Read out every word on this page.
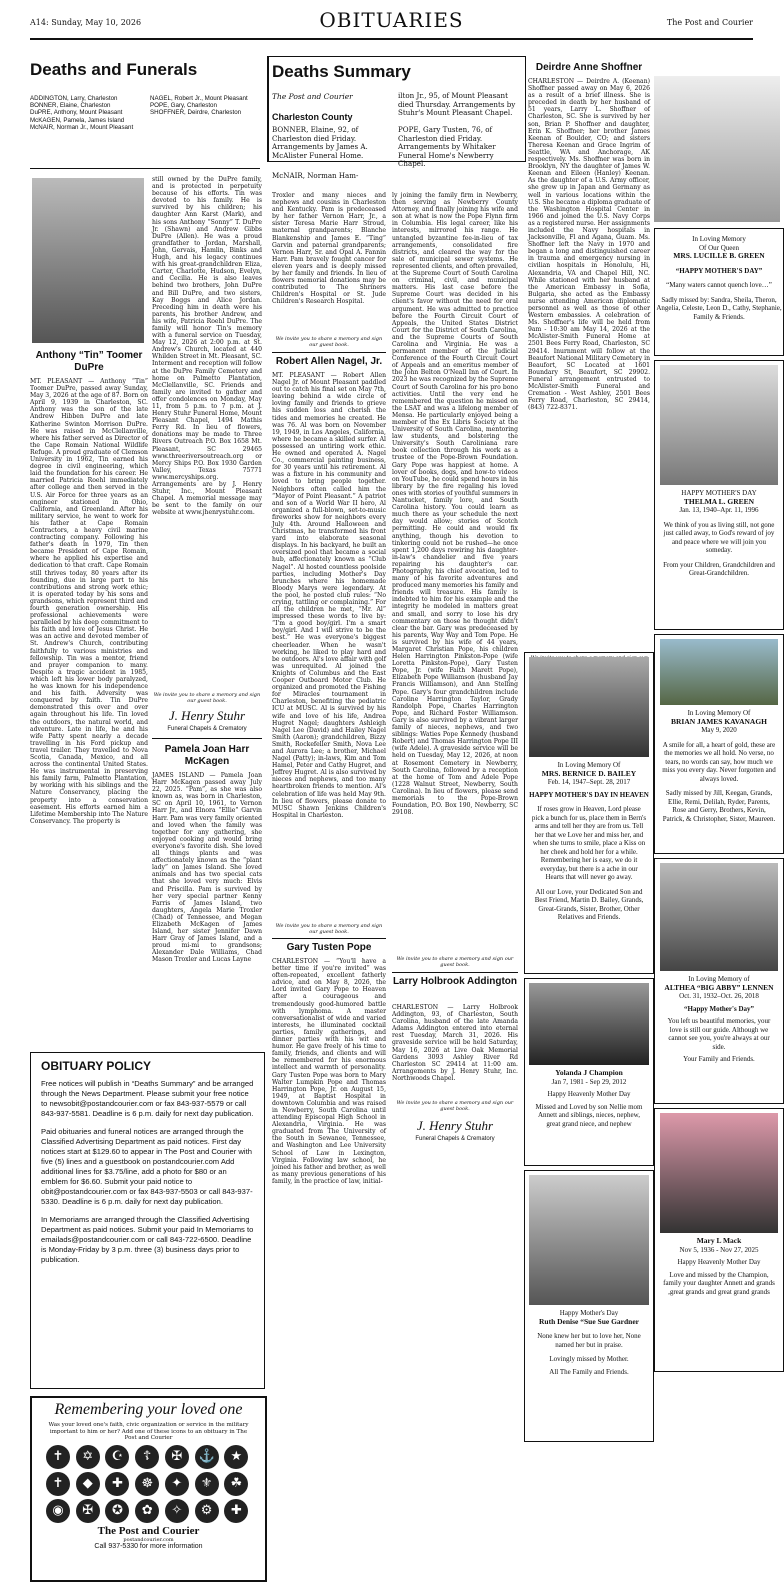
A14: Sunday, May 10, 2026	OBITUARIES	The Post and Courier
Deaths and Funerals
ADDINGTON, Larry, Charleston
BONNER, Elaine, Charleston
DuPRE, Anthony, Mount Pleasant
McKAGEN, Pamela, James Island
McNAIR, Norman Jr., Mount Pleasant
NAGEL, Robert Jr., Mount Pleasant
POPE, Gary, Charleston
SHOFFNER, Deirdre, Charleston
Anthony “Tin” Toomer DuPre
MT. PLEASANT — Anthony “Tin” Toomer DuPre, passed away Sunday, May 3, 2026 at the age of 87. Born on April 9, 1939 in Charleston, SC. Anthony was the son of the late Andrew Hibben DuPre and late Katherine Swinton Morrison DuPre. He was raised in McClellanville, where his father served as Director of the Cape Romain National Wildlife Refuge. A proud graduate of Clemson University in 1962, Tin earned his degree in civil engineering, which laid the foundation for his career. He married Patricia Roehl immediately after college and then served in the U.S. Air Force for three years as an engineer stationed in Ohio, California, and Greenland. After his military service, he went to work for his father at Cape Romain Contractors, a heavy civil marine contracting company. Following his father's death in 1979, Tin then became President of Cape Romain, where he applied his expertise and dedication to that craft. Cape Romain still thrives today, 80 years after its founding, due in large part to his contributions and strong work ethic; it is operated today by his sons and grandsons, which represent third and fourth generation ownership. His professional achievements were paralleled by his deep commitment to his faith and love of Jesus Christ. He was an active and devoted member of St. Andrew's Church, contributing faithfully to various ministries and fellowship. Tin was a mentor, friend and prayer companion to many. Despite a tragic accident in 1985, which left his lower body paralyzed, he was known for his independence and his faith. Adversity was conquered by faith. Tin DuPre demonstrated this over and over again throughout his life. Tin loved the outdoors, the natural world, and adventure. Late in life, he and his wife Patty spent nearly a decade travelling in his Ford pickup and travel trailer. They travelled to Nova Scotia, Canada, Mexico, and all across the continental United States. He was instrumental in preserving his family farm, Palmetto Plantation, by working with his siblings and the Nature Conservancy, placing the property into a conservation easement. His efforts earned him a Lifetime Membership into The Nature Conservancy. The property is
still owned by the DuPre family, and is protected in perpetuity because of his efforts. Tin was devoted to his family. He is survived by his children; his daughter Ann Karst (Mark), and his sons Anthony “Sonny” T. DuPre Jr. (Shawn) and Andrew Gibbs DuPre (Allen). He was a proud grandfather to Jordan, Marshall, John, Gervais, Hamlin, Binks and Hugh, and his legacy continues with his great-grandchildren Eliza, Carter, Charlotte, Hudson, Evelyn, and Cecilia. He is also leaves behind two brothers, John DuPre and Bill DuPre, and two sisters, Kay Boggs and Alice Jordan. Preceding him in death were his parents, his brother Andrew, and his wife, Patricia Roehl DuPre. The family will honor Tin's memory with a funeral service on Tuesday, May 12, 2026 at 2:00 p.m. at St. Andrew's Church, located at 440 Whilden Street in Mt. Pleasant, SC. Interment and reception will follow at the DuPre Family Cemetery and home on Palmetto Plantation, McClellanville, SC. Friends and family are invited to gather and offer condolences on Monday, May 11, from 5 p.m. to 7 p.m. at J. Henry Stuhr Funeral Home, Mount Pleasant Chapel, 1494 Mathis Ferry Rd. In lieu of flowers, donations may be made to Three Rivers Outreach P.O. Box 1658 Mt. Pleasant, SC 29465 www.threeriversoutreach.org or Mercy Ships P.O. Box 1930 Garden Valley, Texas 75771 www.mercyships.org. Arrangements are by J. Henry Stuhr, Inc., Mount Pleasant Chapel. A memorial message may be sent to the family on our website at www.jhenrystuhr.com.
We invite you to share a memory and sign our guest book.
J. Henry Stuhr
Funeral Chapels & Crematory
Pamela Joan Harr McKagen
JAMES ISLAND — Pamela Joan Harr McKagen passed away July 22, 2025. “Pam”, as she was also known as, was born in Charleston, SC on April 10, 1961, to Vernon Harr Jr., and Elnora “Ellie” Garvin Harr. Pam was very family oriented and loved when the family was together for any gathering, she enjoyed cooking and would bring everyone's favorite dish. She loved all things plants and was affectionately known as the “plant lady” on James Island. She loved animals and has two special cats that she loved very much: Elvis and Priscilla. Pam is survived by her very special partner Kenny Farris of James Island, two daughters, Angela Marie Troxler (Chad) of Tennessee, and Megan Elizabeth McKagen of James Island, her sister Jennifer Dawn Harr Gray of James Island, and a proud mi-mi to grandsons; Alexander Dale Williams, Chad Mason Troxler and Lucas Layne
OBITUARY POLICY
Free notices will publish in “Deaths Summary” and be arranged through the News Department. Please submit your free notice to newsobit@postandcourier.com or fax 843-937-5579 or call 843-937-5581. Deadline is 6 p.m. daily for next day publication.
Paid obituaries and funeral notices are arranged through the Classified Advertising Department as paid notices. First day notices start at $129.60 to appear in The Post and Courier with five (5) lines and a guestbook on postandcourier.com Add additional lines for $3.75/line, add a photo for $80 or an emblem for $6.60. Submit your paid notice to obit@postandcourier.com or fax 843-937-5503 or call 843-937-5330. Deadline is 6 p.m. daily for next day publication.
In Memoriams are arranged through the Classified Advertising Department as paid notices. Submit your paid In Memoriams to emailads@postandcourier.com or call 843-722-6500. Deadline is Monday-Friday by 3 p.m. three (3) business days prior to publication.
Remembering your loved one
Was your loved one's faith, civic organization or service in the military important to him or her? Add one of these icons to an obituary in The Post and Courier
✝	✡	☪	☦	✠	⚓	★
✝	◆	✚	☸	✦	⚜	☘
◉	✠	✪	✿	✧	⚙	✚
The Post and Courier
postandcourier.com
Call 937-5330 for more information
Deaths Summary
The Post and Courier
Charleston County
BONNER, Elaine, 92, of Charleston died Friday. Arrangements by James A. McAlister Funeral Home.
McNAIR, Norman Ham-
ilton Jr., 95, of Mount Pleasant died Thursday. Arrangements by Stuhr's Mount Pleasant Chapel.
POPE, Gary Tusten, 76, of Charleston died Friday. Arrangements by Whitaker Funeral Home's Newberry Chapel.
Troxler and many nieces and nephews and cousins in Charleston and Kentucky. Pam is predeceased by her father Vernon Harr, Jr., a sister Teresa Marie Harr Stroud, maternal grandparents; Blanche Blankenship and James E. “Ting” Garvin and paternal grandparents; Vernon Harr, Sr. and Opal A. Fannin Harr. Pam bravely fought cancer for eleven years and is deeply missed by her family and friends. In lieu of flowers memorial donations may be contributed to The Shriners Children's Hospital or St. Jude Children's Research Hospital.
We invite you to share a memory and sign our guest book.
Robert Allen Nagel, Jr.
MT. PLEASANT — Robert Allen Nagel Jr. of Mount Pleasant paddled out to catch his final set on May 7th, leaving behind a wide circle of loving family and friends to grieve his sudden loss and cherish the tides and memories he created. He was 76. Al was born on November 19, 1949, in Los Angeles, California, where he became a skilled surfer. Al possessed an untiring work ethic. He owned and operated A. Nagel Co., commercial painting business, for 30 years until his retirement. Al was a fixture in his community and loved to bring people together. Neighbors often called him the “Mayor of Point Pleasant.” A patriot and son of a World War II hero, Al organized a full-blown, set-to-music fireworks show for neighbors every July 4th. Around Halloween and Christmas, he transformed his front yard into elaborate seasonal displays. In his backyard, he built an oversized pool that became a social hub, affectionately known as “Club Nagel”. Al hosted countless poolside parties, including Mother's Day brunches where his homemade Bloody Marys were legendary. At the pool, he posted club rules: “No crying, tattling or complaining.” For all the children he met, “Mr. Al” impressed these words to live by: “I'm a good boy/girl. I'm a smart boy/girl. And I will strive to be the best.” He was everyone's biggest cheerleader. When he wasn't working, he liked to play hard and be outdoors. Al's love affair with golf was unrequited. Al joined the Knights of Columbus and the East Cooper Outboard Motor Club. He organized and promoted the Fishing for Miracles tournament in Charleston, benefiting the pediatric ICU at MUSC. Al is survived by his wife and love of his life, Andrea Hugret Nagel; daughters Ashleigh Nagel Lee (David) and Hailey Nagel Smith (Aaron); grandchildren, Bizzy Smith, Rockefeller Smith, Nova Lee and Aurora Lee; a brother, Michael Nagel (Patty); in-laws, Kim and Tom Hamel, Peter and Cathy Hugret, and Jeffrey Hugret. Al is also survived by nieces and nephews, and too many heartbroken friends to mention. Al's celebration of life was held May 9th. In lieu of flowers, please donate to MUSC Shawn Jenkins Children's Hospital in Charleston.
We invite you to share a memory and sign our guest book.
Gary Tusten Pope
CHARLESTON — “You'll have a better time if you're invited” was often-repeated, excellent fatherly advice, and on May 8, 2026, the Lord invited Gary Pope to Heaven after a courageous and tremendously good-humored battle with lymphoma. A master conversationalist of wide and varied interests, he illuminated cocktail parties, family gatherings, and dinner parties with his wit and humor. He gave freely of his time to family, friends, and clients and will be remembered for his enormous intellect and warmth of personality. Gary Tusten Pope was born to Mary Walter Lumpkin Pope and Thomas Harrington Pope, Jr. on August 15, 1949, at Baptist Hospital in downtown Columbia and was raised in Newberry, South Carolina until attending Episcopal High School in Alexandria, Virginia. He was graduated from The University of the South in Sewanee, Tennessee, and Washington and Lee University School of Law in Lexington, Virginia. Following law school, he joined his father and brother, as well as many previous generations of his family, in the practice of law, initial-
ly joining the family firm in Newberry, then serving as Newberry County Attorney, and finally joining his wife and son at what is now the Pope Flynn firm in Columbia. His legal career, like his interests, mirrored his range. He untangled byzantine fee-in-lieu of tax arrangements, consolidated fire districts, and cleared the way for the sale of municipal sewer systems. He represented clients, and often prevailed, at the Supreme Court of South Carolina on criminal, civil, and municipal matters. His last case before the Supreme Court was decided in his client's favor without the need for oral argument. He was admitted to practice before the Fourth Circuit Court of Appeals, the United States District Court for the District of South Carolina, and the Supreme Courts of South Carolina and Virginia. He was a permanent member of the Judicial Conference of the Fourth Circuit Court of Appeals and an emeritus member of the John Belton O'Neall Inn of Court. In 2023 he was recognized by the Supreme Court of South Carolina for his pro bono activities. Until the very end he remembered the question he missed on the LSAT and was a lifelong member of Mensa. He particularly enjoyed being a member of the Ex Libris Society at the University of South Carolina, mentoring law students, and bolstering the University's South Caroliniana rare book collection through his work as a trustee of the Pope-Brown Foundation. Gary Pope was happiest at home. A lover of books, dogs, and how-to videos on YouTube, he could spend hours in his library by the fire regaling his loved ones with stories of youthful summers in Nantucket, family lore, and South Carolina history. You could learn as much there as your schedule the next day would allow; stories of Scotch permitting. He could and would fix anything, though his devotion to tinkering could not be rushed—he once spent 1,200 days rewiring his daughter-in-law's chandelier and five years repairing his daughter's car. Photography, his chief avocation, led to many of his favorite adventures and produced many memories his family and friends will treasure. His family is indebted to him for his example and the integrity he modeled in matters great and small, and sorry to lose his dry commentary on those he thought didn't clear the bar. Gary was predeceased by his parents, Way Way and Tom Pope. He is survived by his wife of 44 years, Margaret Christian Pope, his children Helen Harrington Pinkston-Pope (wife Loretta Pinkston-Pope), Gary Tusten Pope, Jr. (wife Faith Marett Pope), Elizabeth Pope Williamson (husband Jay Francis Williamson), and Ann Stelling Pope. Gary's four grandchildren include Caroline Harrington Taylor, Grady Randolph Pope, Charles Harrington Pope, and Richard Foster Williamson. Gary is also survived by a vibrant larger family of nieces, nephews, and two siblings: Waties Pope Kennedy (husband Robert) and Thomas Harrington Pope III (wife Adele). A graveside service will be held on Tuesday, May 12, 2026, at noon at Rosemont Cemetery in Newberry, South Carolina, followed by a reception at the home of Tom and Adele Pope (1228 Walnut Street, Newberry, South Carolina). In lieu of flowers, please send memorials to the Pope-Brown Foundation, P.O. Box 190, Newberry, SC 29108.
We invite you to share a memory and sign our guest book.
Larry Holbrook Addington
CHARLESTON — Larry Holbrook Addington, 93, of Charleston, South Carolina, husband of the late Amanda Adams Addington entered into eternal rest Tuesday, March 31, 2026. His graveside service will be held Saturday, May 16, 2026 at Live Oak Memorial Gardens 3093 Ashley River Rd Charleston SC 29414 at 11:00 am. Arrangements by J. Henry Stuhr, Inc. Northwoods Chapel.
We invite you to share a memory and sign our guest book.
J. Henry Stuhr
Funeral Chapels & Crematory
Deirdre Anne Shoffner
CHARLESTON — Deirdre A. (Keenan) Shoffner passed away on May 6, 2026 as a result of a brief illness. She is preceded in death by her husband of 51 years, Larry L. Shoffner of Charleston, SC. She is survived by her son, Brian P. Shoffner and daughter, Erin K. Shoffner; her brother James Keenan of Boulder, CO; and sisters Theresa Keenan and Grace Ingrim of Seattle, WA and Anchorage, AK respectively. Ms. Shoffner was born in Brooklyn, NY the daughter of James W. Keenan and Eileen (Hanley) Keenan. As the daughter of a U.S. Army officer, she grew up in Japan and Germany as well in various locations within the U.S. She became a diploma graduate of the Washington Hospital Center in 1966 and joined the U.S. Navy Corps as a registered nurse. Her assignments included the Navy hospitals in Jacksonville, Fl and Agana, Guam. Ms. Shoffner left the Navy in 1970 and began a long and distinguished career in trauma and emergency nursing in civilian hospitals in Honolulu, Hi, Alexandria, VA and Chapel Hill, NC. While stationed with her husband at the American Embassy in Sofia, Bulgaria, she acted as the Embassy nurse attending American diplomatic personnel as well as those of other Western embassies. A celebration of Ms. Shoffner's life will be held from 9am - 10:30 am May 14, 2026 at the McAlister-Smith Funeral Home at 2501 Bees Ferry Road, Charleston, SC 29414. Inurnment will follow at the Beaufort National Military Cemetery in Beaufort, SC Located at 1601 Boundary St, Beaufort, SC 29902. Funeral arrangement entrusted to McAlister-Smith Funeral and Cremation - West Ashley, 2501 Bees Ferry Road, Charleston, SC 29414, (843) 722-8371.
In Loving Memory
Of Our Queen
MRS. LUCILLE B. GREEN
“HAPPY MOTHER'S DAY”
“Many waters cannot quench love…”
Sadly missed by: Sandra, Sheila, Theron, Angelia, Celeste, Leon D., Cathy, Stephanie, Family & Friends.
HAPPY MOTHER'S DAY
THELMA L. GREEN
Jan. 13, 1940–Apr. 11, 1996
We think of you as living still, not gone just called away, to God's reward of joy and peace where we will join you someday.
From your Children, Grandchildren and Great-Grandchildren.
In Loving Memory Of
MRS. BERNICE D. BAILEY
Feb. 14, 1947–Sept. 28, 2017
HAPPY MOTHER'S DAY IN HEAVEN
If roses grow in Heaven, Lord please pick a bunch for us, place them in Bern's arms and tell her they are from us. Tell her that we Love her and miss her, and when she turns to smile, place a Kiss on her cheek and hold her for a while. Remembering her is easy, we do it everyday, but there is a ache in our Hearts that will never go away.
All our Love, your Dedicated Son and Best Friend, Martin D. Bailey, Grands, Great-Grands, Sister, Brother, Other Relatives and Friends.
In Loving Memory Of
BRIAN JAMES KAVANAGH
May 9, 2020
A smile for all, a heart of gold, these are the memories we all hold. No verse, no tears, no words can say, how much we miss you every day. Never forgotten and always loved.
Sadly missed by Jill, Keegan, Grands, Ellie, Remi, Delilah, Ryder, Parents, Rose and Gerry, Brothers, Kevin, Patrick, & Christopher, Sister, Maureen.
Yolanda J Champion
Jan 7, 1981 - Sep 29, 2012
Happy Heavenly Mother Day
Missed and Loved by son Nellie mom Annett and siblings, nieces, nephew, great grand niece, and nephew
In Loving Memory of
ALTHEA “BIG ABBY” LENNEN
Oct. 31, 1932–Oct. 26, 2018
“Happy Mother's Day”
You left us beautiful memories, your love is still our guide. Although we cannot see you, you're always at our side.
Your Family and Friends.
Happy Mother's Day
Ruth Denise “Sue Sue Gardner
None knew her but to love her, None named her but in praise.
Lovingly missed by Mother.
All The Family and Friends.
Mary L Mack
Nov 5, 1936 - Nov 27, 2025
Happy Heavenly Mother Day
Love and missed by the Champion, family your daughter Annett and grands ,great grands and great grand grands
